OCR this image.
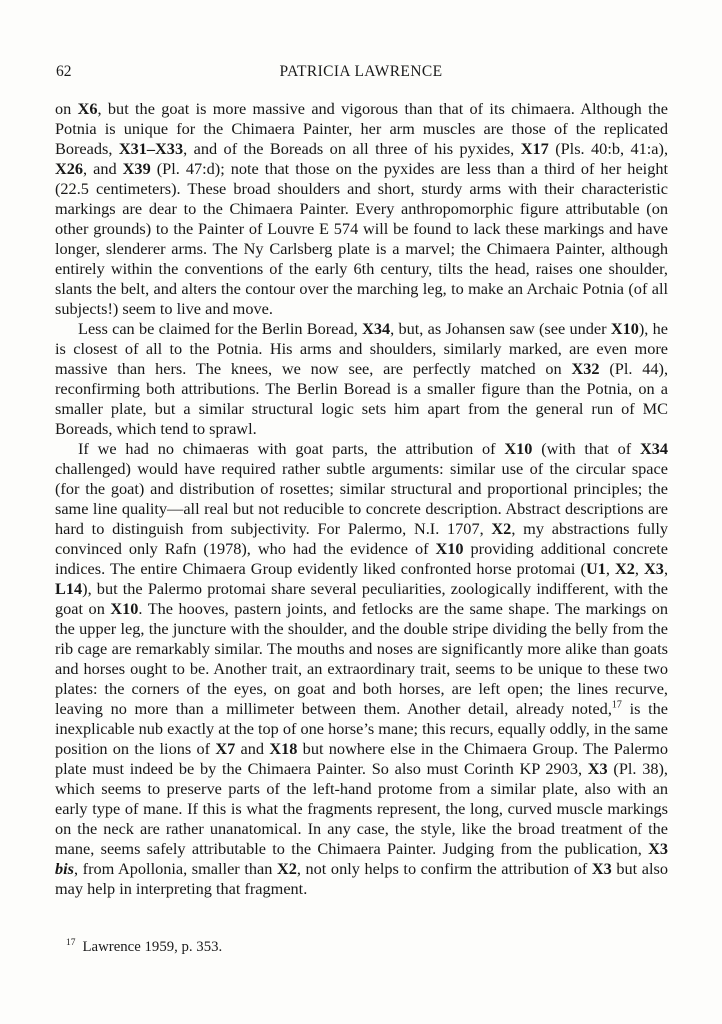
62	PATRICIA LAWRENCE

on X6, but the goat is more massive and vigorous than that of its chimaera. Although the Potnia is unique for the Chimaera Painter, her arm muscles are those of the replicated Boreads, X31–X33, and of the Boreads on all three of his pyxides, X17 (Pls. 40:b, 41:a), X26, and X39 (Pl. 47:d); note that those on the pyxides are less than a third of her height (22.5 centimeters). These broad shoulders and short, sturdy arms with their characteristic markings are dear to the Chimaera Painter. Every anthropomorphic figure attributable (on other grounds) to the Painter of Louvre E 574 will be found to lack these markings and have longer, slenderer arms. The Ny Carlsberg plate is a marvel; the Chimaera Painter, although entirely within the conventions of the early 6th century, tilts the head, raises one shoulder, slants the belt, and alters the contour over the marching leg, to make an Archaic Potnia (of all subjects!) seem to live and move.

Less can be claimed for the Berlin Boread, X34, but, as Johansen saw (see under X10), he is closest of all to the Potnia. His arms and shoulders, similarly marked, are even more massive than hers. The knees, we now see, are perfectly matched on X32 (Pl. 44), reconfirming both attributions. The Berlin Boread is a smaller figure than the Potnia, on a smaller plate, but a similar structural logic sets him apart from the general run of MC Boreads, which tend to sprawl.

If we had no chimaeras with goat parts, the attribution of X10 (with that of X34 challenged) would have required rather subtle arguments: similar use of the circular space (for the goat) and distribution of rosettes; similar structural and proportional principles; the same line quality—all real but not reducible to concrete description. Abstract descriptions are hard to distinguish from subjectivity. For Palermo, N.I. 1707, X2, my abstractions fully convinced only Rafn (1978), who had the evidence of X10 providing additional concrete indices. The entire Chimaera Group evidently liked confronted horse protomai (U1, X2, X3, L14), but the Palermo protomai share several peculiarities, zoologically indifferent, with the goat on X10. The hooves, pastern joints, and fetlocks are the same shape. The markings on the upper leg, the juncture with the shoulder, and the double stripe dividing the belly from the rib cage are remarkably similar. The mouths and noses are significantly more alike than goats and horses ought to be. Another trait, an extraordinary trait, seems to be unique to these two plates: the corners of the eyes, on goat and both horses, are left open; the lines recurve, leaving no more than a millimeter between them. Another detail, already noted,$^{17}$ is the inexplicable nub exactly at the top of one horse’s mane; this recurs, equally oddly, in the same position on the lions of X7 and X18 but nowhere else in the Chimaera Group. The Palermo plate must indeed be by the Chimaera Painter. So also must Corinth KP 2903, X3 (Pl. 38), which seems to preserve parts of the left-hand protome from a similar plate, also with an early type of mane. If this is what the fragments represent, the long, curved muscle markings on the neck are rather unanatomical. In any case, the style, like the broad treatment of the mane, seems safely attributable to the Chimaera Painter. Judging from the publication, X3 bis, from Apollonia, smaller than X2, not only helps to confirm the attribution of X3 but also may help in interpreting that fragment.

$^{17}$ Lawrence 1959, p. 353.
